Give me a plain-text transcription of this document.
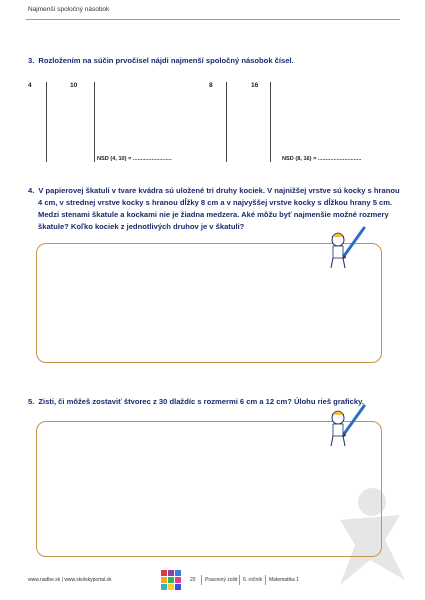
Najmenší spoločný násobok
3. Rozložením na súčin prvočísel nájdi najmenší spoločný násobok čísel.
4	10	8	16
NSD (4, 10) = .........................	NSD (8, 16) = ............................
4. V papierovej škatuli v tvare kvádra sú uložené tri druhy kociek. V najnižšej vrstve sú kocky s hranou
4 cm, v strednej vrstve kocky s hranou dĺžky 8 cm a v najvyššej vrstve kocky s dĺžkou hrany 5 cm.
Medzi stenami škatule a kockami nie je žiadna medzera. Aké môžu byť najmenšie možné rozmery
škatule? Koľko kociek z jednotlivých druhov je v škatuli?
5. Zisti, či môžeš zostaviť štvorec z 30 dlaždíc s rozmermi 6 cm a 12 cm? Úlohu rieš graficky.
www.nadbe.sk | www.skolskyportal.sk	20 Pracovný zošit 6. ročník Matematika 1
